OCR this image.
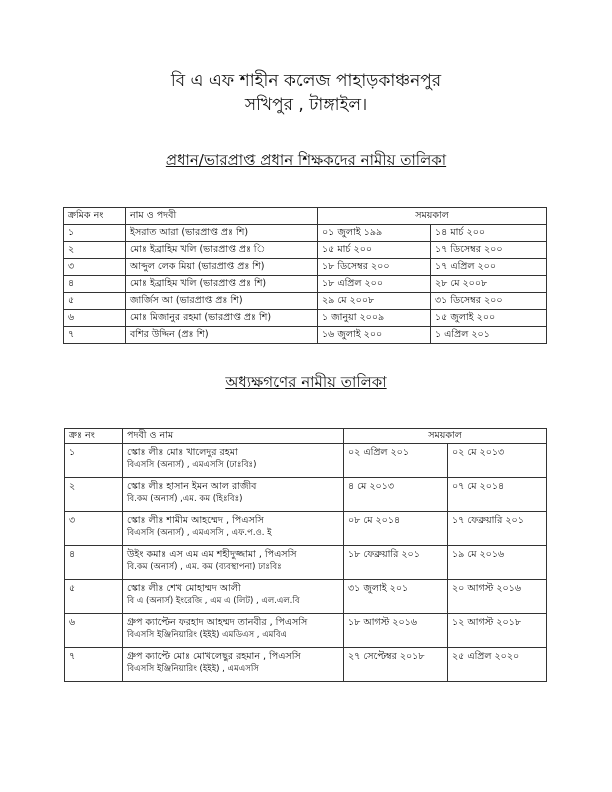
বি এ এফ শাহীন কলেজ পাহাড়কাঞ্চনপুর
সখিপুর , টাঙ্গাইল।
প্রধান/ভারপ্রাপ্ত প্রধান শিক্ষকদের নামীয় তালিকা
ক্রমিক নং	নাম ও পদবী	সময়কাল	
১	ইসরাত আরা (ভারপ্রাপ্ত প্রঃ শি)	০১ জুলাই ১৯৯	১৪ মার্চ ২০০
২	মোঃ ইব্রাহিম খলি (ভারপ্রাপ্ত প্রঃ ি	১৫ মার্চ ২০০	১৭ ডিসেম্বর ২০০
৩	আব্দুল লেক মিয়া (ভারপ্রাপ্ত প্রঃ শি)	১৮ ডিসেম্বর ২০০	১৭ এপ্রিল ২০০
৪	মোঃ ইব্রাহিম খলি (ভারপ্রাপ্ত প্রঃ শি)	১৮ এপ্রিল ২০০	২৮ মে ২০০৮
৫	জার্জিস আ (ভারপ্রাপ্ত প্রঃ শি)	২৯ মে ২০০৮	৩১ ডিসেম্বর ২০০
৬	মোঃ মিজানুর রহমা (ভারপ্রাপ্ত প্রঃ শি)	১ জানুয়া ২০০৯	১৫ জুলাই ২০০
৭	বশির উদ্দিন (প্রঃ শি)	১৬ জুলাই ২০০	১ এপ্রিল ২০১
অধ্যক্ষগণের নামীয় তালিকা
ক্রঃ নং	পদবী ও নাম	সময়কাল	
১	স্কোঃ লীঃ মোঃ খালেদুর রহমা
বিএসসি (অনার্স) , এমএসসি (ঢাঃবিঃ)	০২ এপ্রিল ২০১	০২ মে ২০১৩
২	স্কোঃ লীঃ হাসান ইমন আল রাজীব
বি.কম (অনার্স) ,এম. কম (হিঃবিঃ)	৪ মে ২০১৩	০৭ মে ২০১৪
৩	স্কোঃ লীঃ শামীম আহম্মেদ , পিএসসি
বিএসসি (অনার্স) , এমএসসি , এফ.প.ও. ই	০৮ মে ২০১৪	১৭ ফেব্রুয়ারি ২০১
৪	উইং কমাঃ এস এম এম শহীদুজ্জামা , পিএসসি
বি.কম (অনার্স) , এম. কম (ব্যবস্থাপনা) ঢাঃবিঃ	১৮ ফেব্রুয়ারি ২০১	১৯ মে ২০১৬
৫	স্কোঃ লীঃ শেখ মোহাম্মদ আলী
বি এ (অনার্স) ইংরেজি , এম এ (লিট) , এল.এল.বি	৩১ জুলাই ২০১	২০ আগস্ট ২০১৬
৬	গ্রুপ ক্যাপ্টেন ফরহাদ আহম্মদ তানবীর , পিএসসি
বিএসসি ইঞ্জিনিয়ারিং (ইইই) এমডিএস , এমবিএ	১৮ আগস্ট ২০১৬	১২ আগস্ট ২০১৮
৭	গ্রুপ ক্যাপ্টে মোঃ মোখলেছুর রহমান , পিএসসি
বিএসসি ইঞ্জিনিয়ারিং (ইইই) , এমএসসি	২৭ সেপ্টেম্বর ২০১৮	২৫ এপ্রিল ২০২০
